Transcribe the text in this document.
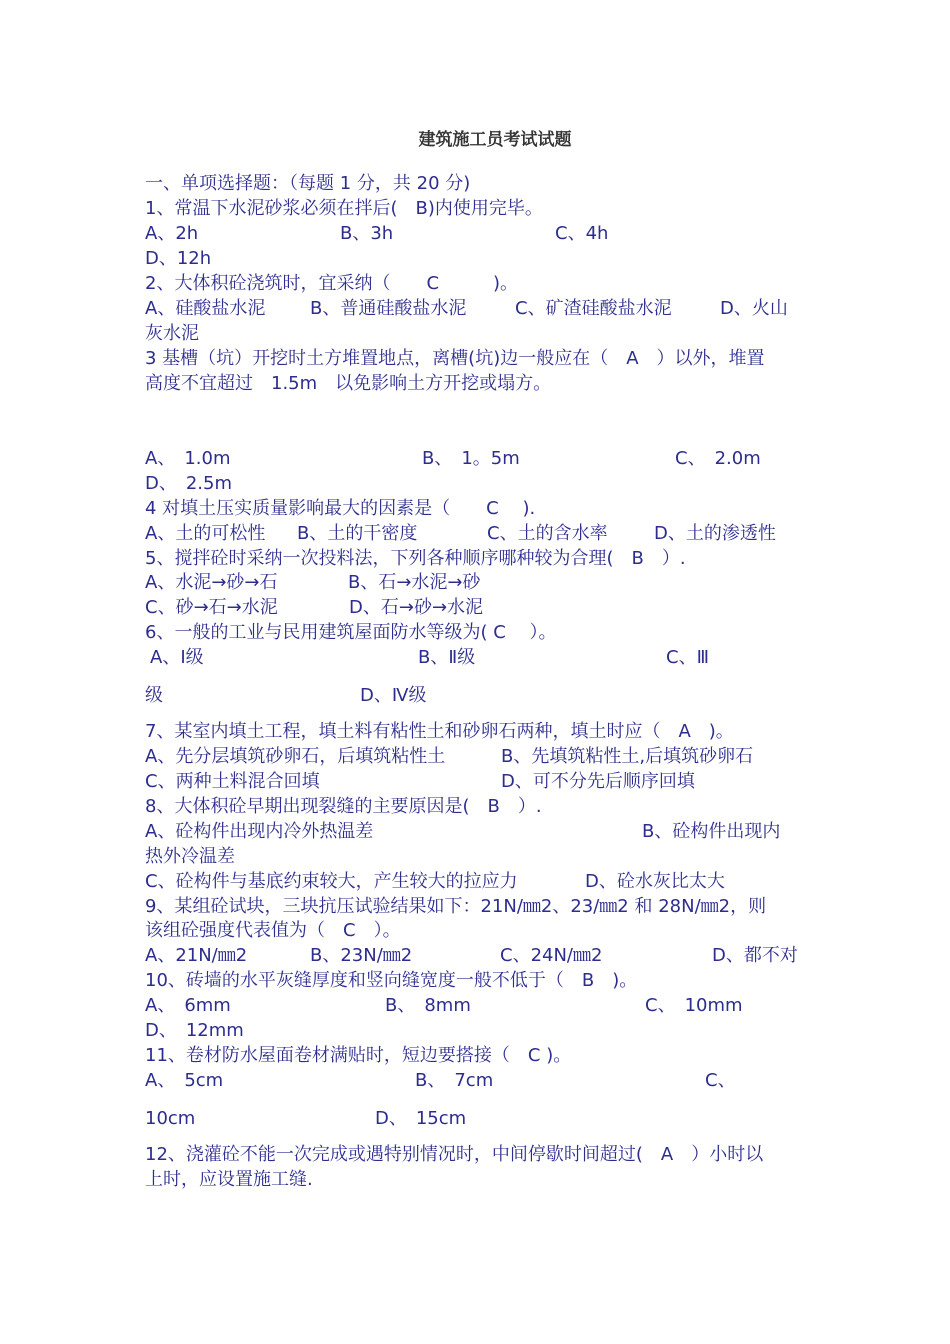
建筑施工员考试试题
一、单项选择题：（每题 1 分，共 20 分)
1、常温下水泥砂浆必须在拌后(　B)内使用完毕。
A、2h	B、3h	C、4h
D、12h
2、大体积砼浇筑时，宜采纳（　　C　　　)。
A、硅酸盐水泥 B、普通硅酸盐水泥	C、矿渣硅酸盐水泥	D、火山
灰水泥
3 基槽（坑）开挖时土方堆置地点，离槽(坑)边一般应在（　A　）以外，堆置
高度不宜超过　1.5m　以免影响土方开挖或塌方。
A、　1.0m	B、　1。5m	C、　2.0m
D、　2.5m
4 对填土压实质量影响最大的因素是（　　C　 ).
A、土的可松性 B、土的干密度	C、土的含水率	D、土的渗透性
5、搅拌砼时采纳一次投料法，下列各种顺序哪种较为合理(　B　）.
A、水泥→砂→石	B、石→水泥→砂
C、砂→石→水泥	D、石→砂→水泥
6、一般的工业与民用建筑屋面防水等级为( C　 ）。
A、Ⅰ级	B、Ⅱ级	C、Ⅲ
级	D、Ⅳ级
7、某室内填土工程，填土料有粘性土和砂卵石两种，填土时应（　A　)。
A、先分层填筑砂卵石，后填筑粘性土	B、先填筑粘性土,后填筑砂卵石
C、两种土料混合回填	D、可不分先后顺序回填
8、大体积砼早期出现裂缝的主要原因是(　B　）.
A、砼构件出现内冷外热温差	B、砼构件出现内
热外冷温差
C、砼构件与基底约束较大，产生较大的拉应力	D、砼水灰比太大
9、某组砼试块，三块抗压试验结果如下：21N/㎜2、23/㎜2 和 28N/㎜2，则
该组砼强度代表值为（　C　）。
A、21N/㎜2	B、23N/㎜2	C、24N/㎜2	D、都不对
10、砖墙的水平灰缝厚度和竖向缝宽度一般不低于（　B　)。
A、　6mm	B、　8mm	C、　10mm
D、　12mm
11、卷材防水屋面卷材满贴时，短边要搭接（　C )。
A、　5cm	B、　7cm	C、
10cm	D、　15cm
12、浇灌砼不能一次完成或遇特别情况时，中间停歇时间超过(　A　）小时以
上时，应设置施工缝.
